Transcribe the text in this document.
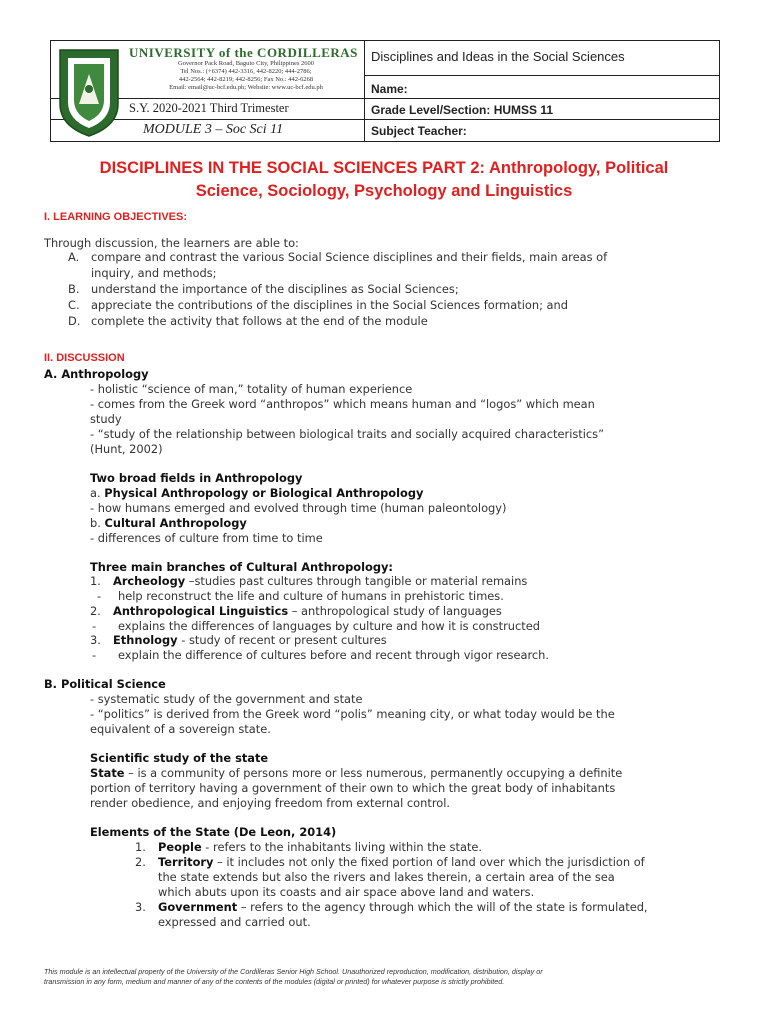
UNIVERSITY of the CORDILLERAS
Governor Pack Road, Baguio City, Philippines 2600
Tel Nos.: (+6374) 442-3316, 442-8220; 444-2786;
442-2564; 442-8219; 442-8256; Fax No.: 442-6268
Email: email@uc-bcf.edu.ph; Website: www.uc-bcf.edu.ph
S.Y. 2020-2021 Third Trimester
MODULE 3 – Soc Sci 11
Disciplines and Ideas in the Social Sciences
Name:
Grade Level/Section: HUMSS 11
Subject Teacher:
DISCIPLINES IN THE SOCIAL SCIENCES PART 2: Anthropology, Political
Science, Sociology, Psychology and Linguistics
I. LEARNING OBJECTIVES:
Through discussion, the learners are able to:
A. compare and contrast the various Social Science disciplines and their fields, main areas of
inquiry, and methods;
B. understand the importance of the disciplines as Social Sciences;
C. appreciate the contributions of the disciplines in the Social Sciences formation; and
D. complete the activity that follows at the end of the module
II. DISCUSSION
A. Anthropology
- holistic “science of man,” totality of human experience
- comes from the Greek word “anthropos” which means human and “logos” which mean
study
- “study of the relationship between biological traits and socially acquired characteristics”
(Hunt, 2002)
Two broad fields in Anthropology
a. Physical Anthropology or Biological Anthropology
- how humans emerged and evolved through time (human paleontology)
b. Cultural Anthropology
- differences of culture from time to time
Three main branches of Cultural Anthropology:
1. Archeology –studies past cultures through tangible or material remains
- help reconstruct the life and culture of humans in prehistoric times.
2. Anthropological Linguistics – anthropological study of languages
- explains the differences of languages by culture and how it is constructed
3. Ethnology - study of recent or present cultures
- explain the difference of cultures before and recent through vigor research.
B. Political Science
- systematic study of the government and state
- “politics” is derived from the Greek word “polis” meaning city, or what today would be the
equivalent of a sovereign state.
Scientific study of the state
State – is a community of persons more or less numerous, permanently occupying a definite
portion of territory having a government of their own to which the great body of inhabitants
render obedience, and enjoying freedom from external control.
Elements of the State (De Leon, 2014)
1. People - refers to the inhabitants living within the state.
2. Territory – it includes not only the fixed portion of land over which the jurisdiction of
the state extends but also the rivers and lakes therein, a certain area of the sea
which abuts upon its coasts and air space above land and waters.
3. Government – refers to the agency through which the will of the state is formulated,
expressed and carried out.
This module is an intellectual property of the University of the Cordilleras Senior High School. Unauthorized reproduction, modification, distribution, display or
transmission in any form, medium and manner of any of the contents of the modules (digital or printed) for whatever purpose is strictly prohibited.
